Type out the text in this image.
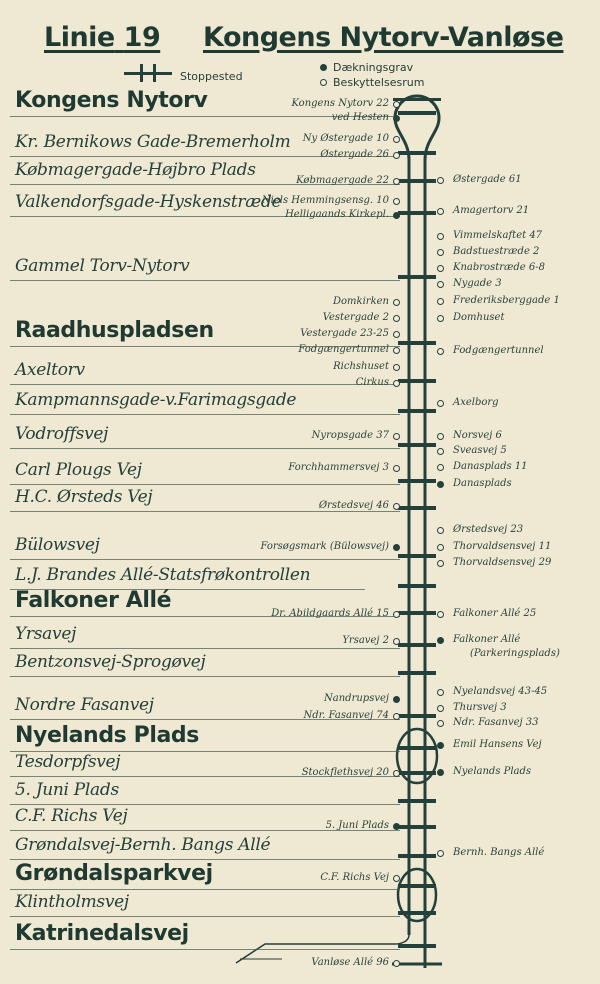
Linie 19 Kongens Nytorv-Vanløse
Stoppested
Dækningsgrav
Beskyttelsesrum
Kongens Nytorv
Kr. Bernikows Gade-Bremerholm
Købmagergade-Højbro Plads
Valkendorfsgade-Hyskenstræde
Gammel Torv-Nytorv
Raadhuspladsen
Axeltorv
Kampmannsgade-v.Farimagsgade
Vodroffsvej
Carl Plougs Vej
H.C. Ørsteds Vej
Bülowsvej
L.J. Brandes Allé-Statsfrøkontrollen
Falkoner Allé
Yrsavej
Bentzonsvej-Sprogøvej
Nordre Fasanvej
Nyelands Plads
Tesdorpfsvej
5. Juni Plads
C.F. Richs Vej
Grøndalsvej-Bernh. Bangs Allé
Grøndalsparkvej
Klintholmsvej
Katrinedalsvej
Kongens Nytorv 22
ved Hesten
Ny Østergade 10
Østergade 26
Købmagergade 22
Niels Hemmingsensg. 10
Helligaands Kirkepl.
Domkirken
Vestergade 2
Vestergade 23-25
Fodgængertunnel
Richshuset
Cirkus
Nyropsgade 37
Forchhammersvej 3
Ørstedsvej 46
Forsøgsmark (Bülowsvej)
Dr. Abildgaards Allé 15
Yrsavej 2
Nandrupsvej
Ndr. Fasanvej 74
Stockflethsvej 20
5. Juni Plads
C.F. Richs Vej
Vanløse Allé 96
Østergade 61
Amagertorv 21
Vimmelskaftet 47
Badstuestræde 2
Knabrostræde 6-8
Nygade 3
Frederiksberggade 1
Domhuset
Fodgængertunnel
Axelborg
Norsvej 6
Sveasvej 5
Danasplads 11
Danasplads
Ørstedsvej 23
Thorvaldsensvej 11
Thorvaldsensvej 29
Falkoner Allé 25
Falkoner Allé
(Parkeringsplads)
Nyelandsvej 43-45
Thursvej 3
Ndr. Fasanvej 33
Emil Hansens Vej
Nyelands Plads
Bernh. Bangs Allé
